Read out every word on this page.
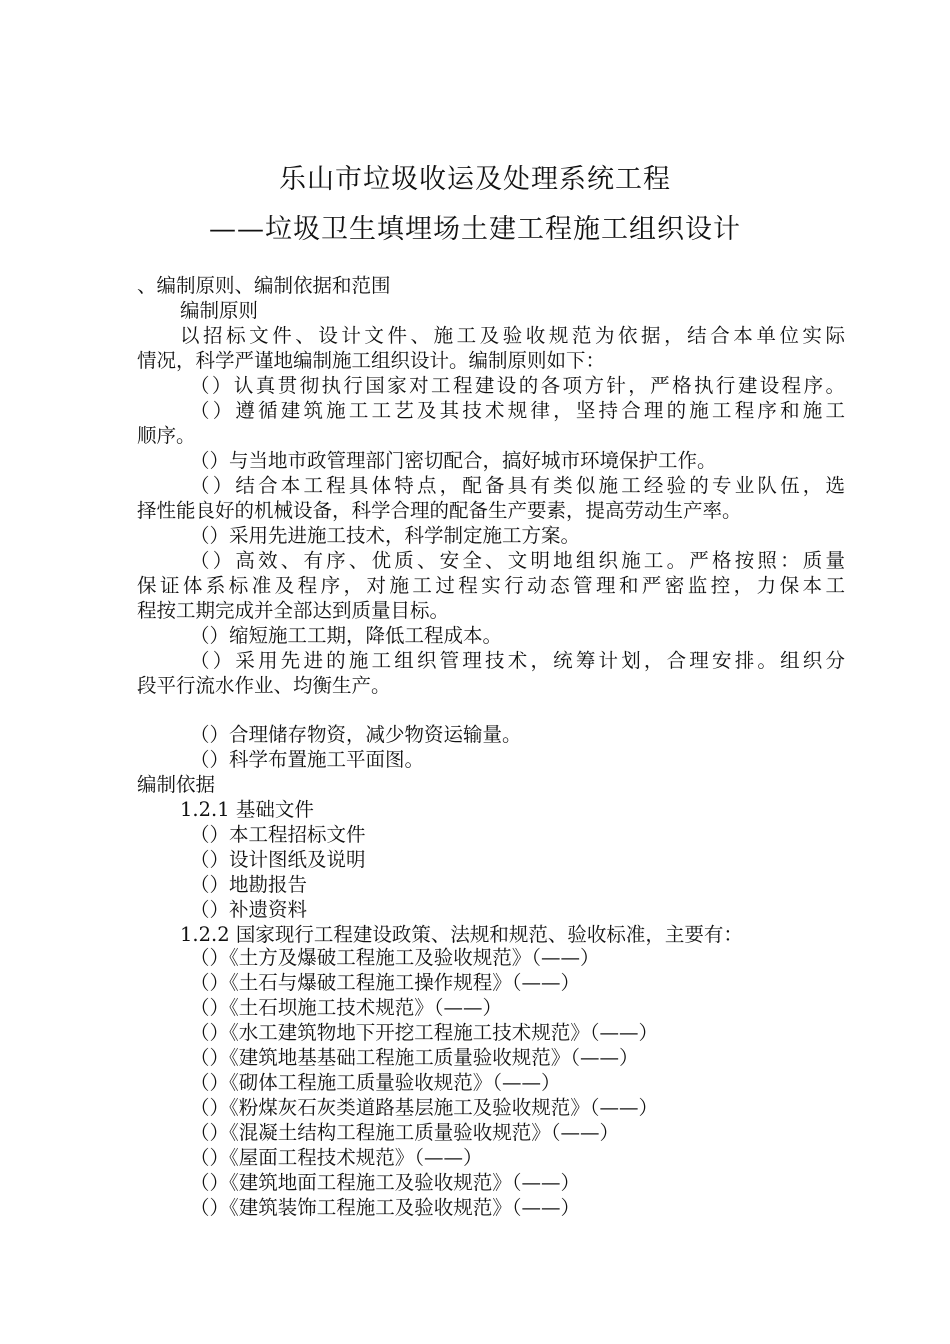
乐山市垃圾收运及处理系统工程
——垃圾卫生填埋场土建工程施工组织设计
、编制原则、编制依据和范围
编制原则
以招标文件、设计文件、施工及验收规范为依据，结合本单位实际
情况，科学严谨地编制施工组织设计。编制原则如下：
（）认真贯彻执行国家对工程建设的各项方针，严格执行建设程序。
（）遵循建筑施工工艺及其技术规律，坚持合理的施工程序和施工
顺序。
（）与当地市政管理部门密切配合，搞好城市环境保护工作。
（）结合本工程具体特点，配备具有类似施工经验的专业队伍，选
择性能良好的机械设备，科学合理的配备生产要素，提高劳动生产率。
（）采用先进施工技术，科学制定施工方案。
（）高效、有序、优质、安全、文明地组织施工。严格按照：质量
保证体系标准及程序，对施工过程实行动态管理和严密监控，力保本工
程按工期完成并全部达到质量目标。
（）缩短施工工期，降低工程成本。
（）采用先进的施工组织管理技术，统筹计划，合理安排。组织分
段平行流水作业、均衡生产。
（）合理储存物资，减少物资运输量。
（）科学布置施工平面图。
编制依据
1.2.1 基础文件
（）本工程招标文件
（）设计图纸及说明
（）地勘报告
（）补遗资料
1.2.2 国家现行工程建设政策、法规和规范、验收标准，主要有：
（）《土方及爆破工程施工及验收规范》（——）
（）《土石与爆破工程施工操作规程》（——）
（）《土石坝施工技术规范》（——）
（）《水工建筑物地下开挖工程施工技术规范》（——）
（）《建筑地基基础工程施工质量验收规范》（——）
（）《砌体工程施工质量验收规范》（——）
（）《粉煤灰石灰类道路基层施工及验收规范》（——）
（）《混凝土结构工程施工质量验收规范》（——）
（）《屋面工程技术规范》（——）
（）《建筑地面工程施工及验收规范》（——）
（）《建筑装饰工程施工及验收规范》（——）
